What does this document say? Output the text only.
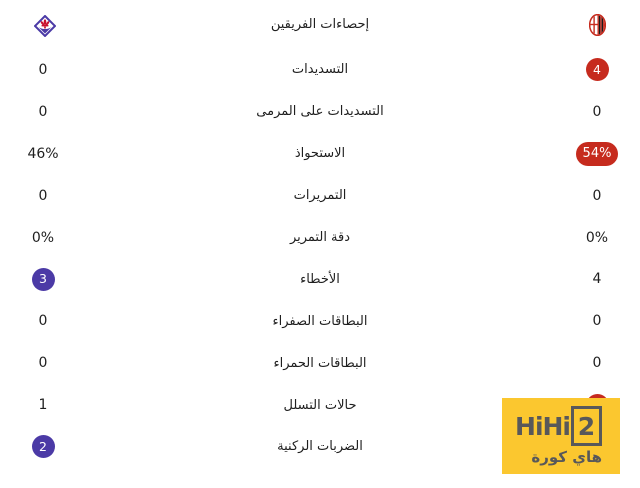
إحصاءات الفريقين
0	التسديدات	4
0	التسديدات على المرمى	0
46%	الاستحواذ	54%
0	التمريرات	0
0%	دقة التمرير	0%
3	الأخطاء	4
0	البطاقات الصفراء	0
0	البطاقات الحمراء	0
1	حالات التسلل
2	الضربات الركنية
HiHi 2
هاي كورة
